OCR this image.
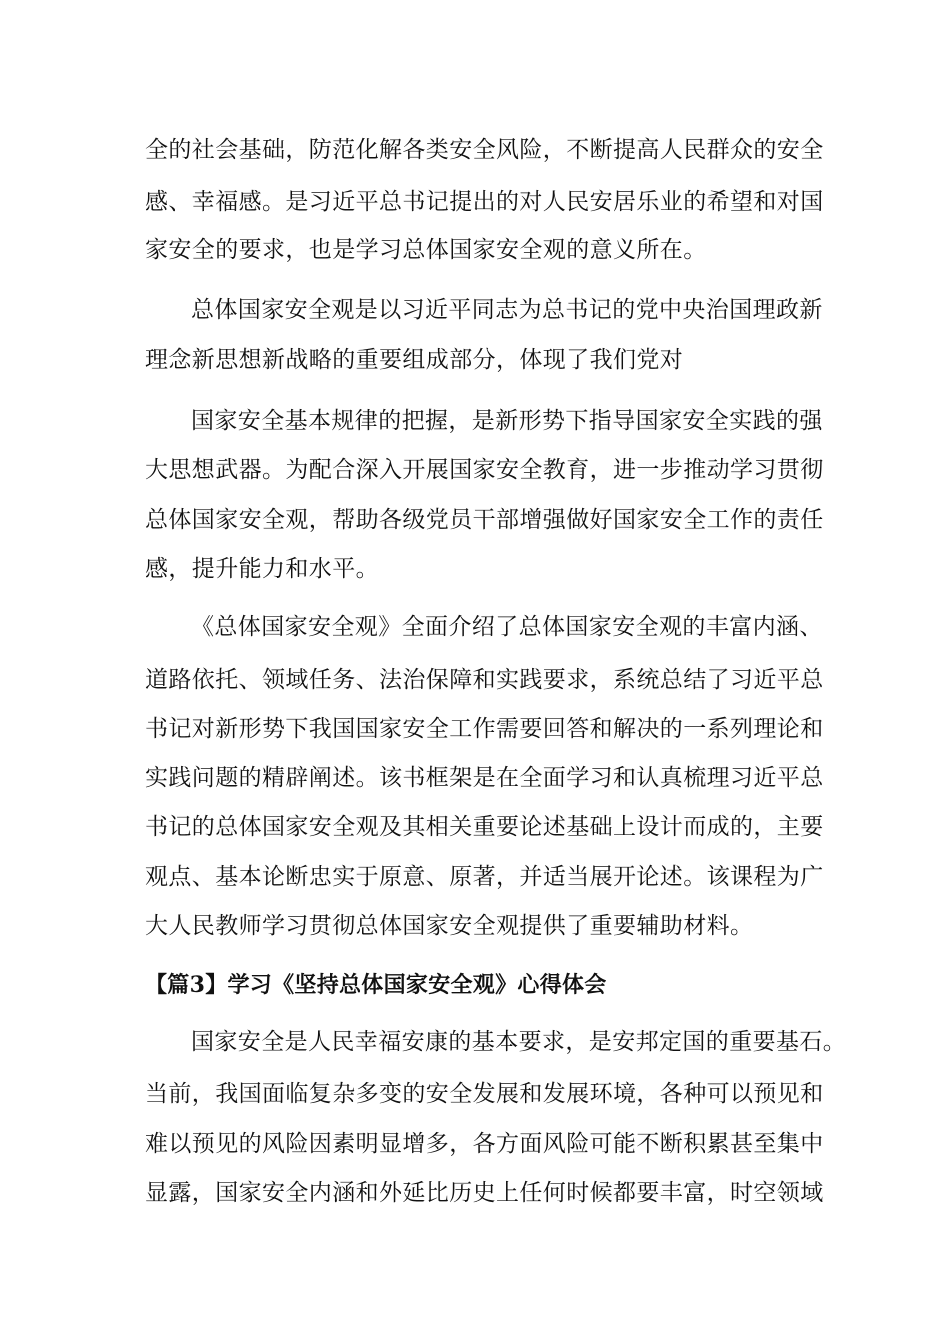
全的社会基础，防范化解各类安全风险，不断提高人民群众的安全
感、幸福感。是习近平总书记提出的对人民安居乐业的希望和对国
家安全的要求，也是学习总体国家安全观的意义所在。
总体国家安全观是以习近平同志为总书记的党中央治国理政新
理念新思想新战略的重要组成部分，体现了我们党对
国家安全基本规律的把握，是新形势下指导国家安全实践的强
大思想武器。为配合深入开展国家安全教育，进一步推动学习贯彻
总体国家安全观，帮助各级党员干部增强做好国家安全工作的责任
感，提升能力和水平。
《总体国家安全观》全面介绍了总体国家安全观的丰富内涵、
道路依托、领域任务、法治保障和实践要求，系统总结了习近平总
书记对新形势下我国国家安全工作需要回答和解决的一系列理论和
实践问题的精辟阐述。该书框架是在全面学习和认真梳理习近平总
书记的总体国家安全观及其相关重要论述基础上设计而成的，主要
观点、基本论断忠实于原意、原著，并适当展开论述。该课程为广
大人民教师学习贯彻总体国家安全观提供了重要辅助材料。
【篇3】学习《坚持总体国家安全观》心得体会
国家安全是人民幸福安康的基本要求，是安邦定国的重要基石。
当前，我国面临复杂多变的安全发展和发展环境，各种可以预见和
难以预见的风险因素明显增多，各方面风险可能不断积累甚至集中
显露，国家安全内涵和外延比历史上任何时候都要丰富，时空领域
